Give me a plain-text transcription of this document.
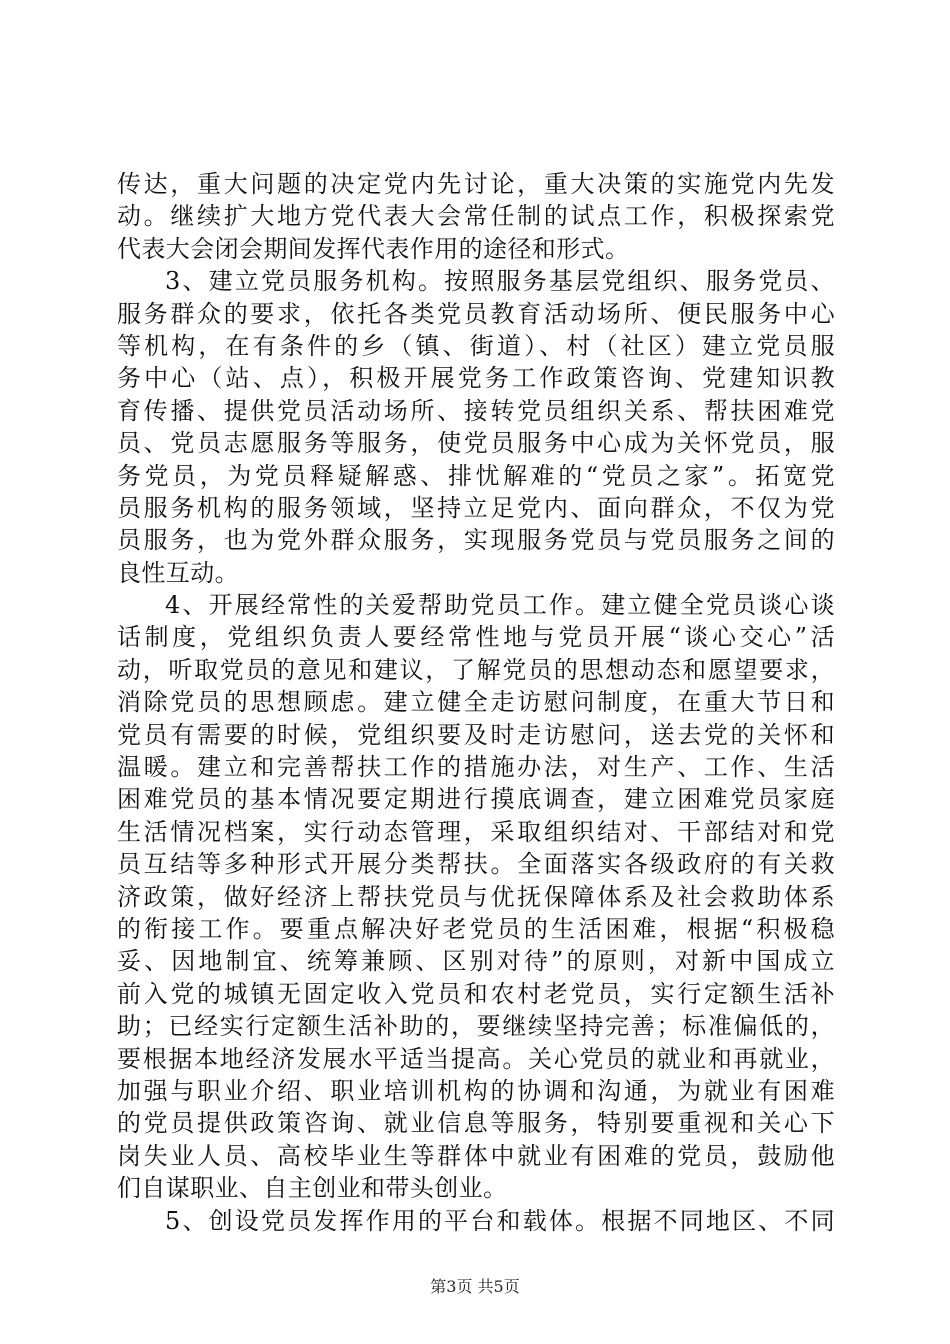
传达，重大问题的决定党内先讨论，重大决策的实施党内先发
动。继续扩大地方党代表大会常任制的试点工作，积极探索党
代表大会闭会期间发挥代表作用的途径和形式。
3、建立党员服务机构。按照服务基层党组织、服务党员、
服务群众的要求，依托各类党员教育活动场所、便民服务中心
等机构，在有条件的乡（镇、街道）、村（社区）建立党员服
务中心（站、点），积极开展党务工作政策咨询、党建知识教
育传播、提供党员活动场所、接转党员组织关系、帮扶困难党
员、党员志愿服务等服务，使党员服务中心成为关怀党员，服
务党员，为党员释疑解惑、排忧解难的“党员之家”。拓宽党
员服务机构的服务领域，坚持立足党内、面向群众，不仅为党
员服务，也为党外群众服务，实现服务党员与党员服务之间的
良性互动。
4、开展经常性的关爱帮助党员工作。建立健全党员谈心谈
话制度，党组织负责人要经常性地与党员开展“谈心交心”活
动，听取党员的意见和建议，了解党员的思想动态和愿望要求，
消除党员的思想顾虑。建立健全走访慰问制度，在重大节日和
党员有需要的时候，党组织要及时走访慰问，送去党的关怀和
温暖。建立和完善帮扶工作的措施办法，对生产、工作、生活
困难党员的基本情况要定期进行摸底调查，建立困难党员家庭
生活情况档案，实行动态管理，采取组织结对、干部结对和党
员互结等多种形式开展分类帮扶。全面落实各级政府的有关救
济政策，做好经济上帮扶党员与优抚保障体系及社会救助体系
的衔接工作。要重点解决好老党员的生活困难，根据“积极稳
妥、因地制宜、统筹兼顾、区别对待”的原则，对新中国成立
前入党的城镇无固定收入党员和农村老党员，实行定额生活补
助；已经实行定额生活补助的，要继续坚持完善；标准偏低的，
要根据本地经济发展水平适当提高。关心党员的就业和再就业，
加强与职业介绍、职业培训机构的协调和沟通，为就业有困难
的党员提供政策咨询、就业信息等服务，特别要重视和关心下
岗失业人员、高校毕业生等群体中就业有困难的党员，鼓励他
们自谋职业、自主创业和带头创业。
5、创设党员发挥作用的平台和载体。根据不同地区、不同
第3页 共5页
